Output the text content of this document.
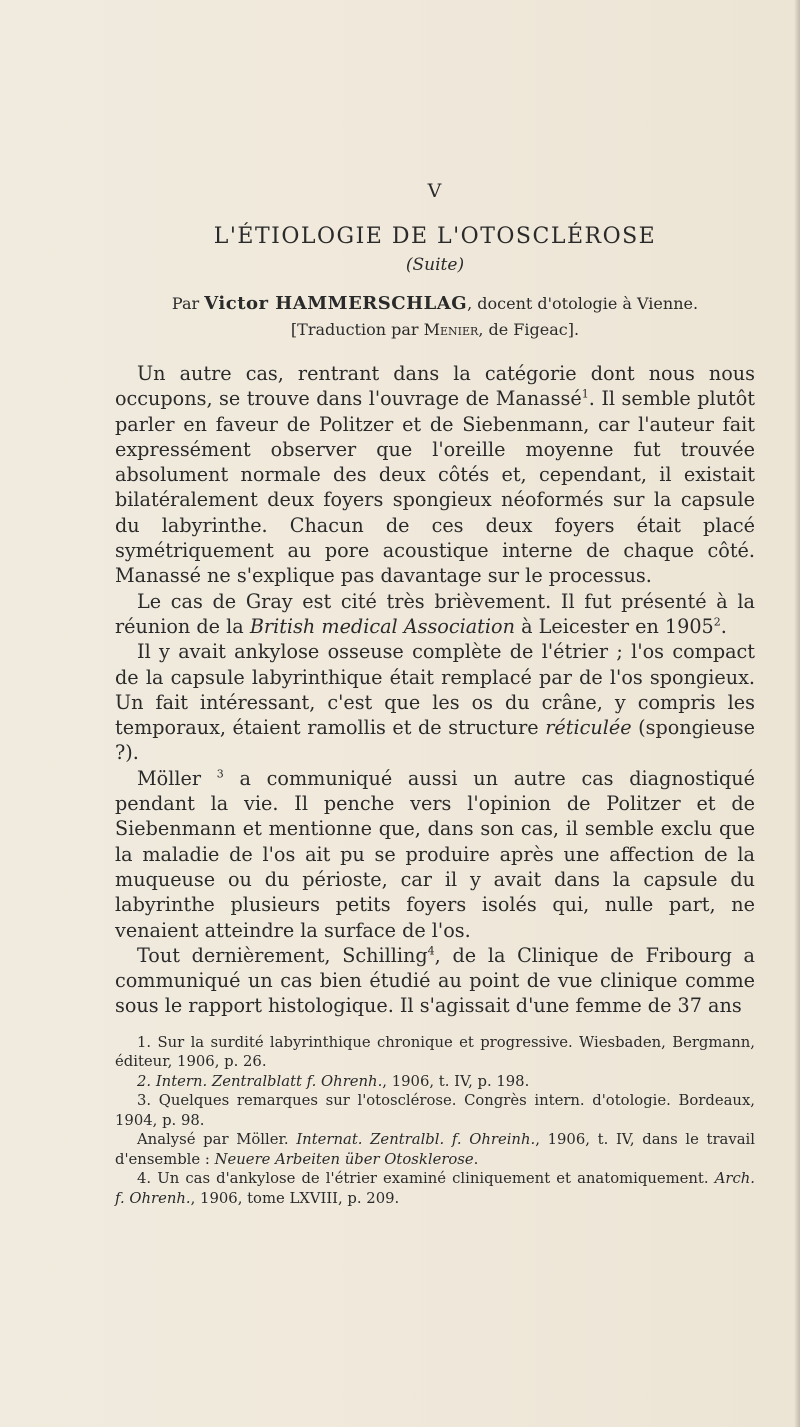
V
L'ÉTIOLOGIE DE L'OTOSCLÉROSE
(Suite)
Par Victor HAMMERSCHLAG, docent d'otologie à Vienne.
[Traduction par Menier, de Figeac].

Un autre cas, rentrant dans la catégorie dont nous nous occupons, se trouve dans l'ouvrage de Manassé$^1$. Il semble plutôt parler en faveur de Politzer et de Siebenmann, car l'auteur fait expressément observer que l'oreille moyenne fut trouvée absolument normale des deux côtés et, cependant, il existait bilatéralement deux foyers spongieux néoformés sur la capsule du labyrinthe. Chacun de ces deux foyers était placé symétriquement au pore acoustique interne de chaque côté. Manassé ne s'explique pas davantage sur le processus.

Le cas de Gray est cité très brièvement. Il fut présenté à la réunion de la British medical Association à Leicester en 1905$^2$.

Il y avait ankylose osseuse complète de l'étrier ; l'os compact de la capsule labyrinthique était remplacé par de l'os spongieux. Un fait intéressant, c'est que les os du crâne, y compris les temporaux, étaient ramollis et de structure réticulée (spongieuse ?).

Möller $^3$ a communiqué aussi un autre cas diagnostiqué pendant la vie. Il penche vers l'opinion de Politzer et de Siebenmann et mentionne que, dans son cas, il semble exclu que la maladie de l'os ait pu se produire après une affection de la muqueuse ou du périoste, car il y avait dans la capsule du labyrinthe plusieurs petits foyers isolés qui, nulle part, ne venaient atteindre la surface de l'os.

Tout dernièrement, Schilling$^4$, de la Clinique de Fribourg a communiqué un cas bien étudié au point de vue clinique comme sous le rapport histologique. Il s'agissait d'une femme de 37 ans

1. Sur la surdité labyrinthique chronique et progressive. Wiesbaden, Bergmann, éditeur, 1906, p. 26.

2. Intern. Zentralblatt f. Ohrenh., 1906, t. IV, p. 198.

3. Quelques remarques sur l'otosclérose. Congrès intern. d'otologie. Bordeaux, 1904, p. 98.

Analysé par Möller. Internat. Zentralbl. f. Ohreinh., 1906, t. IV, dans le travail d'ensemble : Neuere Arbeiten über Otosklerose.

4. Un cas d'ankylose de l'étrier examiné cliniquement et anatomiquement. Arch. f. Ohrenh., 1906, tome LXVIII, p. 209.
